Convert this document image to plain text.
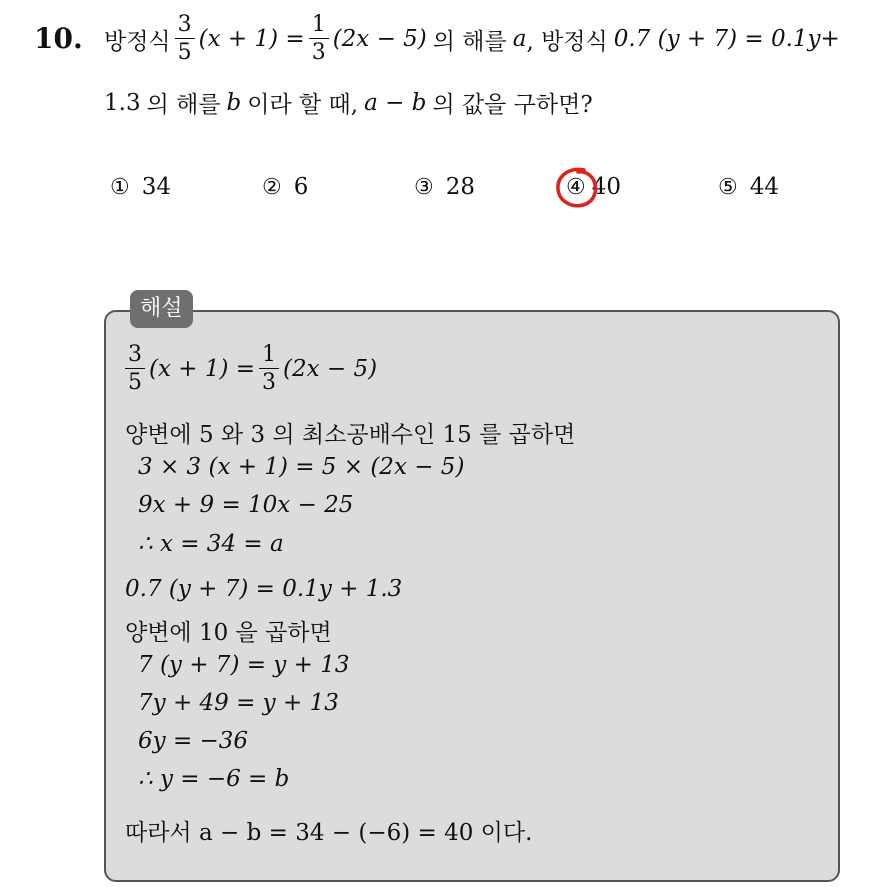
10. 방정식 $\frac{3}{5} (x + 1) = \frac{1}{3} (2x - 5)$ 의 해를 a , 방정식 0.7 (y + 7) = 0.1y+
1.3 의 해를 b 이라 할 때, a − b 의 값을 구하면?
① 34	② 6	③ 28	④ 40	⑤ 44
해설
$\frac{3}{5} (x + 1) = \frac{1}{3} (2x - 5)$
양변에 5 와 3 의 최소공배수인 15 를 곱하면
3 × 3 (x + 1) = 5 × (2x − 5)
9x + 9 = 10x − 25
∴ x = 34 = a
0.7 (y + 7) = 0.1y + 1.3
양변에 10 을 곱하면
7 (y + 7) = y + 13
7y + 49 = y + 13
6y = −36
∴ y = −6 = b
따라서 a − b = 34 − (−6) = 40 이다.
